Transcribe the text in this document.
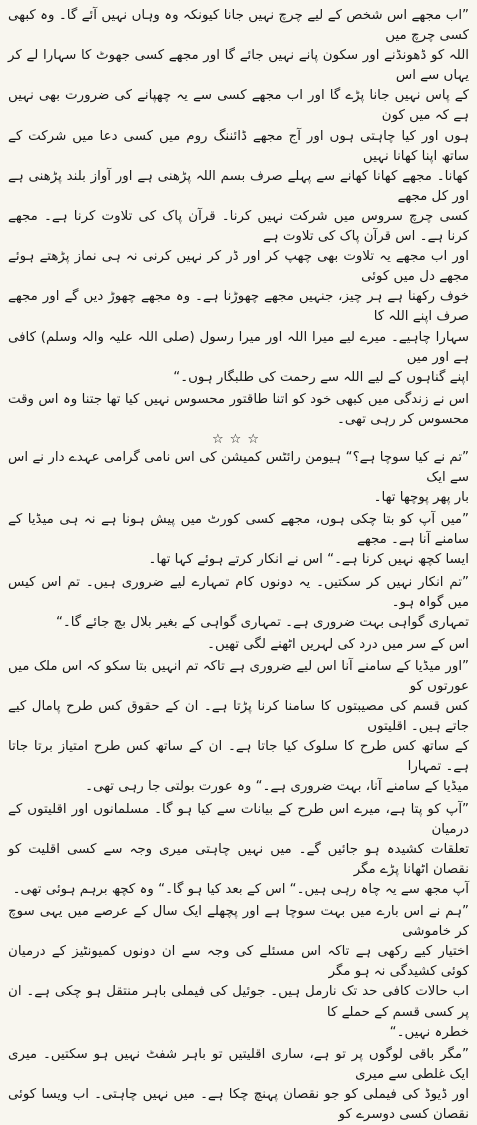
”اب مجھے اس شخص کے لیے چرچ نہیں جانا کیونکہ وہ وہاں نہیں آئے گا۔ وہ کبھی کسی چرچ میں
اللہ کو ڈھونڈنے اور سکون پانے نہیں جائے گا اور مجھے کسی جھوٹ کا سہارا لے کر یہاں سے اس
کے پاس نہیں جانا پڑے گا اور اب مجھے کسی سے یہ چھپانے کی ضرورت بھی نہیں ہے کہ میں کون
ہوں اور کیا چاہتی ہوں اور آج مجھے ڈائننگ روم میں کسی دعا میں شرکت کے ساتھ اپنا کھانا نہیں
کھانا۔ مجھے کھانا کھانے سے پہلے صرف بسم اللہ پڑھنی ہے اور آواز بلند پڑھنی ہے اور کل مجھے
کسی چرچ سروس میں شرکت نہیں کرنا۔ قرآن پاک کی تلاوت کرنا ہے۔ مجھے کرنا ہے۔ اس قرآن پاک کی تلاوت ہے
اور اب مجھے یہ تلاوت بھی چھپ کر اور ڈر کر نہیں کرنی نہ ہی نماز پڑھتے ہوئے مجھے دل میں کوئی
خوف رکھنا ہے ہر چیز، جنہیں مجھے چھوڑنا ہے۔ وہ مجھے چھوڑ دیں گے اور مجھے صرف اپنے اللہ کا
سہارا چاہیے۔ میرے لیے میرا اللہ اور میرا رسول (صلی اللہ علیہ والہ وسلم) کافی ہے اور میں
اپنے گناہوں کے لیے اللہ سے رحمت کی طلبگار ہوں۔“

اس نے زندگی میں کبھی خود کو اتنا طاقتور محسوس نہیں کیا تھا جتنا وہ اس وقت محسوس کر رہی تھی۔

☆☆☆

”تم نے کیا سوچا ہے؟“ ہیومن رائٹس کمیشن کی اس نامی گرامی عہدے دار نے اس سے ایک
بار پھر پوچھا تھا۔

”میں آپ کو بتا چکی ہوں، مجھے کسی کورٹ میں پیش ہونا ہے نہ ہی میڈیا کے سامنے آنا ہے۔ مجھے
ایسا کچھ نہیں کرنا ہے۔“ اس نے انکار کرتے ہوئے کہا تھا۔

”تم انکار نہیں کر سکتیں۔ یہ دونوں کام تمہارے لیے ضروری ہیں۔ تم اس کیس میں گواہ ہو۔
تمہاری گواہی بہت ضروری ہے۔ تمہاری گواہی کے بغیر بلال بچ جائے گا۔“

اس کے سر میں درد کی لہریں اٹھنے لگی تھیں۔

”اور میڈیا کے سامنے آنا اس لیے ضروری ہے تاکہ تم انہیں بتا سکو کہ اس ملک میں عورتوں کو
کس قسم کی مصیبتوں کا سامنا کرنا پڑتا ہے۔ ان کے حقوق کس طرح پامال کیے جاتے ہیں۔ اقلیتوں
کے ساتھ کس طرح کا سلوک کیا جاتا ہے۔ ان کے ساتھ کس طرح امتیاز برتا جاتا ہے۔ تمہارا
میڈیا کے سامنے آنا، بہت ضروری ہے۔“ وہ عورت بولتی جا رہی تھی۔

”آپ کو پتا ہے، میرے اس طرح کے بیانات سے کیا ہو گا۔ مسلمانوں اور اقلیتوں کے درمیان
تعلقات کشیدہ ہو جائیں گے۔ میں نہیں چاہتی میری وجہ سے کسی اقلیت کو نقصان اٹھانا پڑے مگر
آپ مجھ سے یہ چاہ رہی ہیں۔“ اس کے بعد کیا ہو گا۔“ وہ کچھ برہم ہوئی تھی۔

”ہم نے اس بارے میں بہت سوچا ہے اور پچھلے ایک سال کے عرصے میں یہی سوچ کر خاموشی
اختیار کیے رکھی ہے تاکہ اس مسئلے کی وجہ سے ان دونوں کمیونٹیز کے درمیان کوئی کشیدگی نہ ہو مگر
اب حالات کافی حد تک نارمل ہیں۔ جوئیل کی فیملی باہر منتقل ہو چکی ہے۔ ان پر کسی قسم کے حملے کا
خطرہ نہیں۔“

”مگر باقی لوگوں پر تو ہے، ساری اقلیتیں تو باہر شفٹ نہیں ہو سکتیں۔ میری ایک غلطی سے میری
اور ڈیوڈ کی فیملی کو جو نقصان پہنچ چکا ہے۔ میں نہیں چاہتی۔ اب ویسا کوئی نقصان کسی دوسرے کو
